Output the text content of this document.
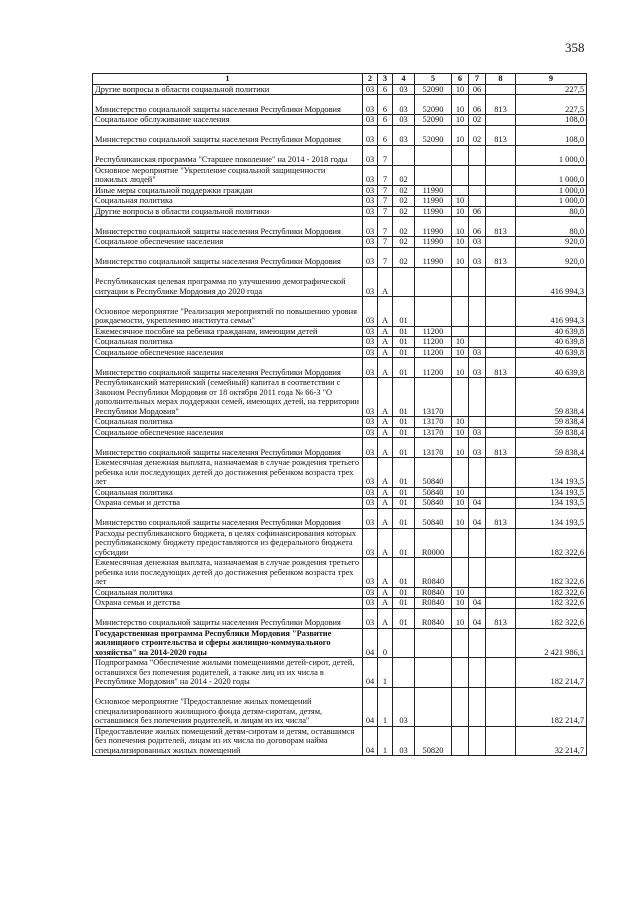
358
1	2	3	4	5	6	7	8	9
Другие вопросы в области социальной политики	03	6	03	52090	10	06		227,5
Министерство социальной защиты населения Республики Мордовия	03	6	03	52090	10	06	813	227,5
Социальное обслуживание населения	03	6	03	52090	10	02		108,0
Министерство социальной защиты населения Республики Мордовия	03	6	03	52090	10	02	813	108,0
Республиканская программа "Старшее поколение" на 2014 - 2018 годы	03	7						1 000,0
Основное мероприятие "Укрепление социальной защищенности пожилых людей"	03	7	02					1 000,0
Иные меры социальной поддержки граждан	03	7	02	11990				1 000,0
Социальная политика	03	7	02	11990	10			1 000,0
Другие вопросы в области социальной политики	03	7	02	11990	10	06		80,0
Министерство социальной защиты населения Республики Мордовия	03	7	02	11990	10	06	813	80,0
Социальное обеспечение населения	03	7	02	11990	10	03		920,0
Министерство социальной защиты населения Республики Мордовия	03	7	02	11990	10	03	813	920,0
Республиканская целевая программа по улучшению демографической ситуации в Республике Мордовия до 2020 года	03	А						416 994,3
Основное мероприятие "Реализация мероприятий по повышению уровня рождаемости, укреплению института семьи"	03	А	01					416 994,3
Ежемесячное пособие на ребенка гражданам, имеющим детей	03	А	01	11200				40 639,8
Социальная политика	03	А	01	11200	10			40 639,8
Социальное обеспечение населения	03	А	01	11200	10	03		40 639,8
Министерство социальной защиты населения Республики Мордовия	03	А	01	11200	10	03	813	40 639,8
Республиканский материнский (семейный) капитал в соответствии с Законом Республики Мордовия от 18 октября 2011 года № 66-З "О дополнительных мерах поддержки семей, имеющих детей, на территории Республики Мордовия"	03	А	01	13170				59 838,4
Социальная политика	03	А	01	13170	10			59 838,4
Социальное обеспечение населения	03	А	01	13170	10	03		59 838,4
Министерство социальной защиты населения Республики Мордовия	03	А	01	13170	10	03	813	59 838,4
Ежемесячная денежная выплата, назначаемая в случае рождения третьего ребенка или последующих детей до достижения ребенком возраста трех лет	03	А	01	50840				134 193,5
Социальная политика	03	А	01	50840	10			134 193,5
Охрана семьи и детства	03	А	01	50840	10	04		134 193,5
Министерство социальной защиты населения Республики Мордовия	03	А	01	50840	10	04	813	134 193,5
Расходы республиканского бюджета, в целях софинансирования которых республиканскому бюджету предоставляются из федерального бюджета субсидии	03	А	01	R0000				182 322,6
Ежемесячная денежная выплата, назначаемая в случае рождения третьего ребенка или последующих детей до достижения ребенком возраста трех лет	03	А	01	R0840				182 322,6
Социальная политика	03	А	01	R0840	10			182 322,6
Охрана семьи и детства	03	А	01	R0840	10	04		182 322,6
Министерство социальной защиты населения Республики Мордовия	03	А	01	R0840	10	04	813	182 322,6
Государственная программа Республики Мордовия "Развитие жилищного строительства и сферы жилищно-коммунального хозяйства" на 2014-2020 годы	04	0						2 421 986,1
Подпрограмма "Обеспечение жилыми помещениями детей-сирот, детей, оставшихся без попечения родителей, а также лиц из их числа в Республике Мордовия" на 2014 - 2020 годы	04	1						182 214,7
Основное мероприятие "Предоставление жилых помещений специализированного жилищного фонда детям-сиротам, детям, оставшимся без попечения родителей, и лицам из их числа"	04	1	03					182 214,7
Предоставление жилых помещений детям-сиротам и детям, оставшимся без попечения родителей, лицам из их числа по договорам найма специализированных жилых помещений	04	1	03	50820				32 214,7
